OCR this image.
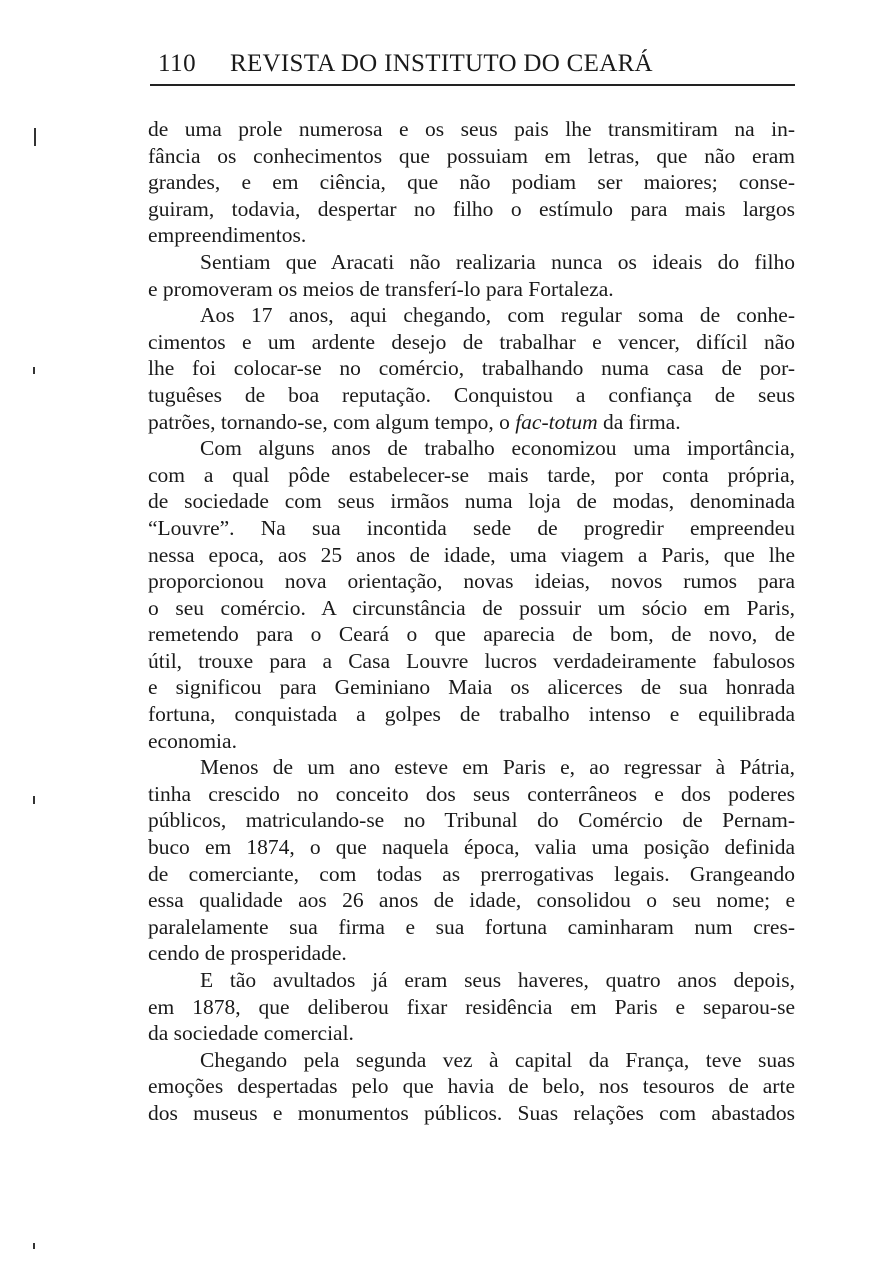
110 REVISTA DO INSTITUTO DO CEARÁ
de uma prole numerosa e os seus pais lhe transmitiram na in-
fância os conhecimentos que possuiam em letras, que não eram
grandes, e em ciência, que não podiam ser maiores; conse-
guiram, todavia, despertar no filho o estímulo para mais largos
empreendimentos.
Sentiam que Aracati não realizaria nunca os ideais do filho
e promoveram os meios de transferí-lo para Fortaleza.
Aos 17 anos, aqui chegando, com regular soma de conhe-
cimentos e um ardente desejo de trabalhar e vencer, difícil não
lhe foi colocar-se no comércio, trabalhando numa casa de por-
tuguêses de boa reputação. Conquistou a confiança de seus
patrões, tornando-se, com algum tempo, o fac-totum da firma.
Com alguns anos de trabalho economizou uma importância,
com a qual pôde estabelecer-se mais tarde, por conta própria,
de sociedade com seus irmãos numa loja de modas, denominada
“Louvre”. Na sua incontida sede de progredir empreendeu
nessa epoca, aos 25 anos de idade, uma viagem a Paris, que lhe
proporcionou nova orientação, novas ideias, novos rumos para
o seu comércio. A circunstância de possuir um sócio em Paris,
remetendo para o Ceará o que aparecia de bom, de novo, de
útil, trouxe para a Casa Louvre lucros verdadeiramente fabulosos
e significou para Geminiano Maia os alicerces de sua honrada
fortuna, conquistada a golpes de trabalho intenso e equilibrada
economia.
Menos de um ano esteve em Paris e, ao regressar à Pátria,
tinha crescido no conceito dos seus conterrâneos e dos poderes
públicos, matriculando-se no Tribunal do Comércio de Pernam-
buco em 1874, o que naquela época, valia uma posição definida
de comerciante, com todas as prerrogativas legais. Grangeando
essa qualidade aos 26 anos de idade, consolidou o seu nome; e
paralelamente sua firma e sua fortuna caminharam num cres-
cendo de prosperidade.
E tão avultados já eram seus haveres, quatro anos depois,
em 1878, que deliberou fixar residência em Paris e separou-se
da sociedade comercial.
Chegando pela segunda vez à capital da França, teve suas
emoções despertadas pelo que havia de belo, nos tesouros de arte
dos museus e monumentos públicos. Suas relações com abastados
